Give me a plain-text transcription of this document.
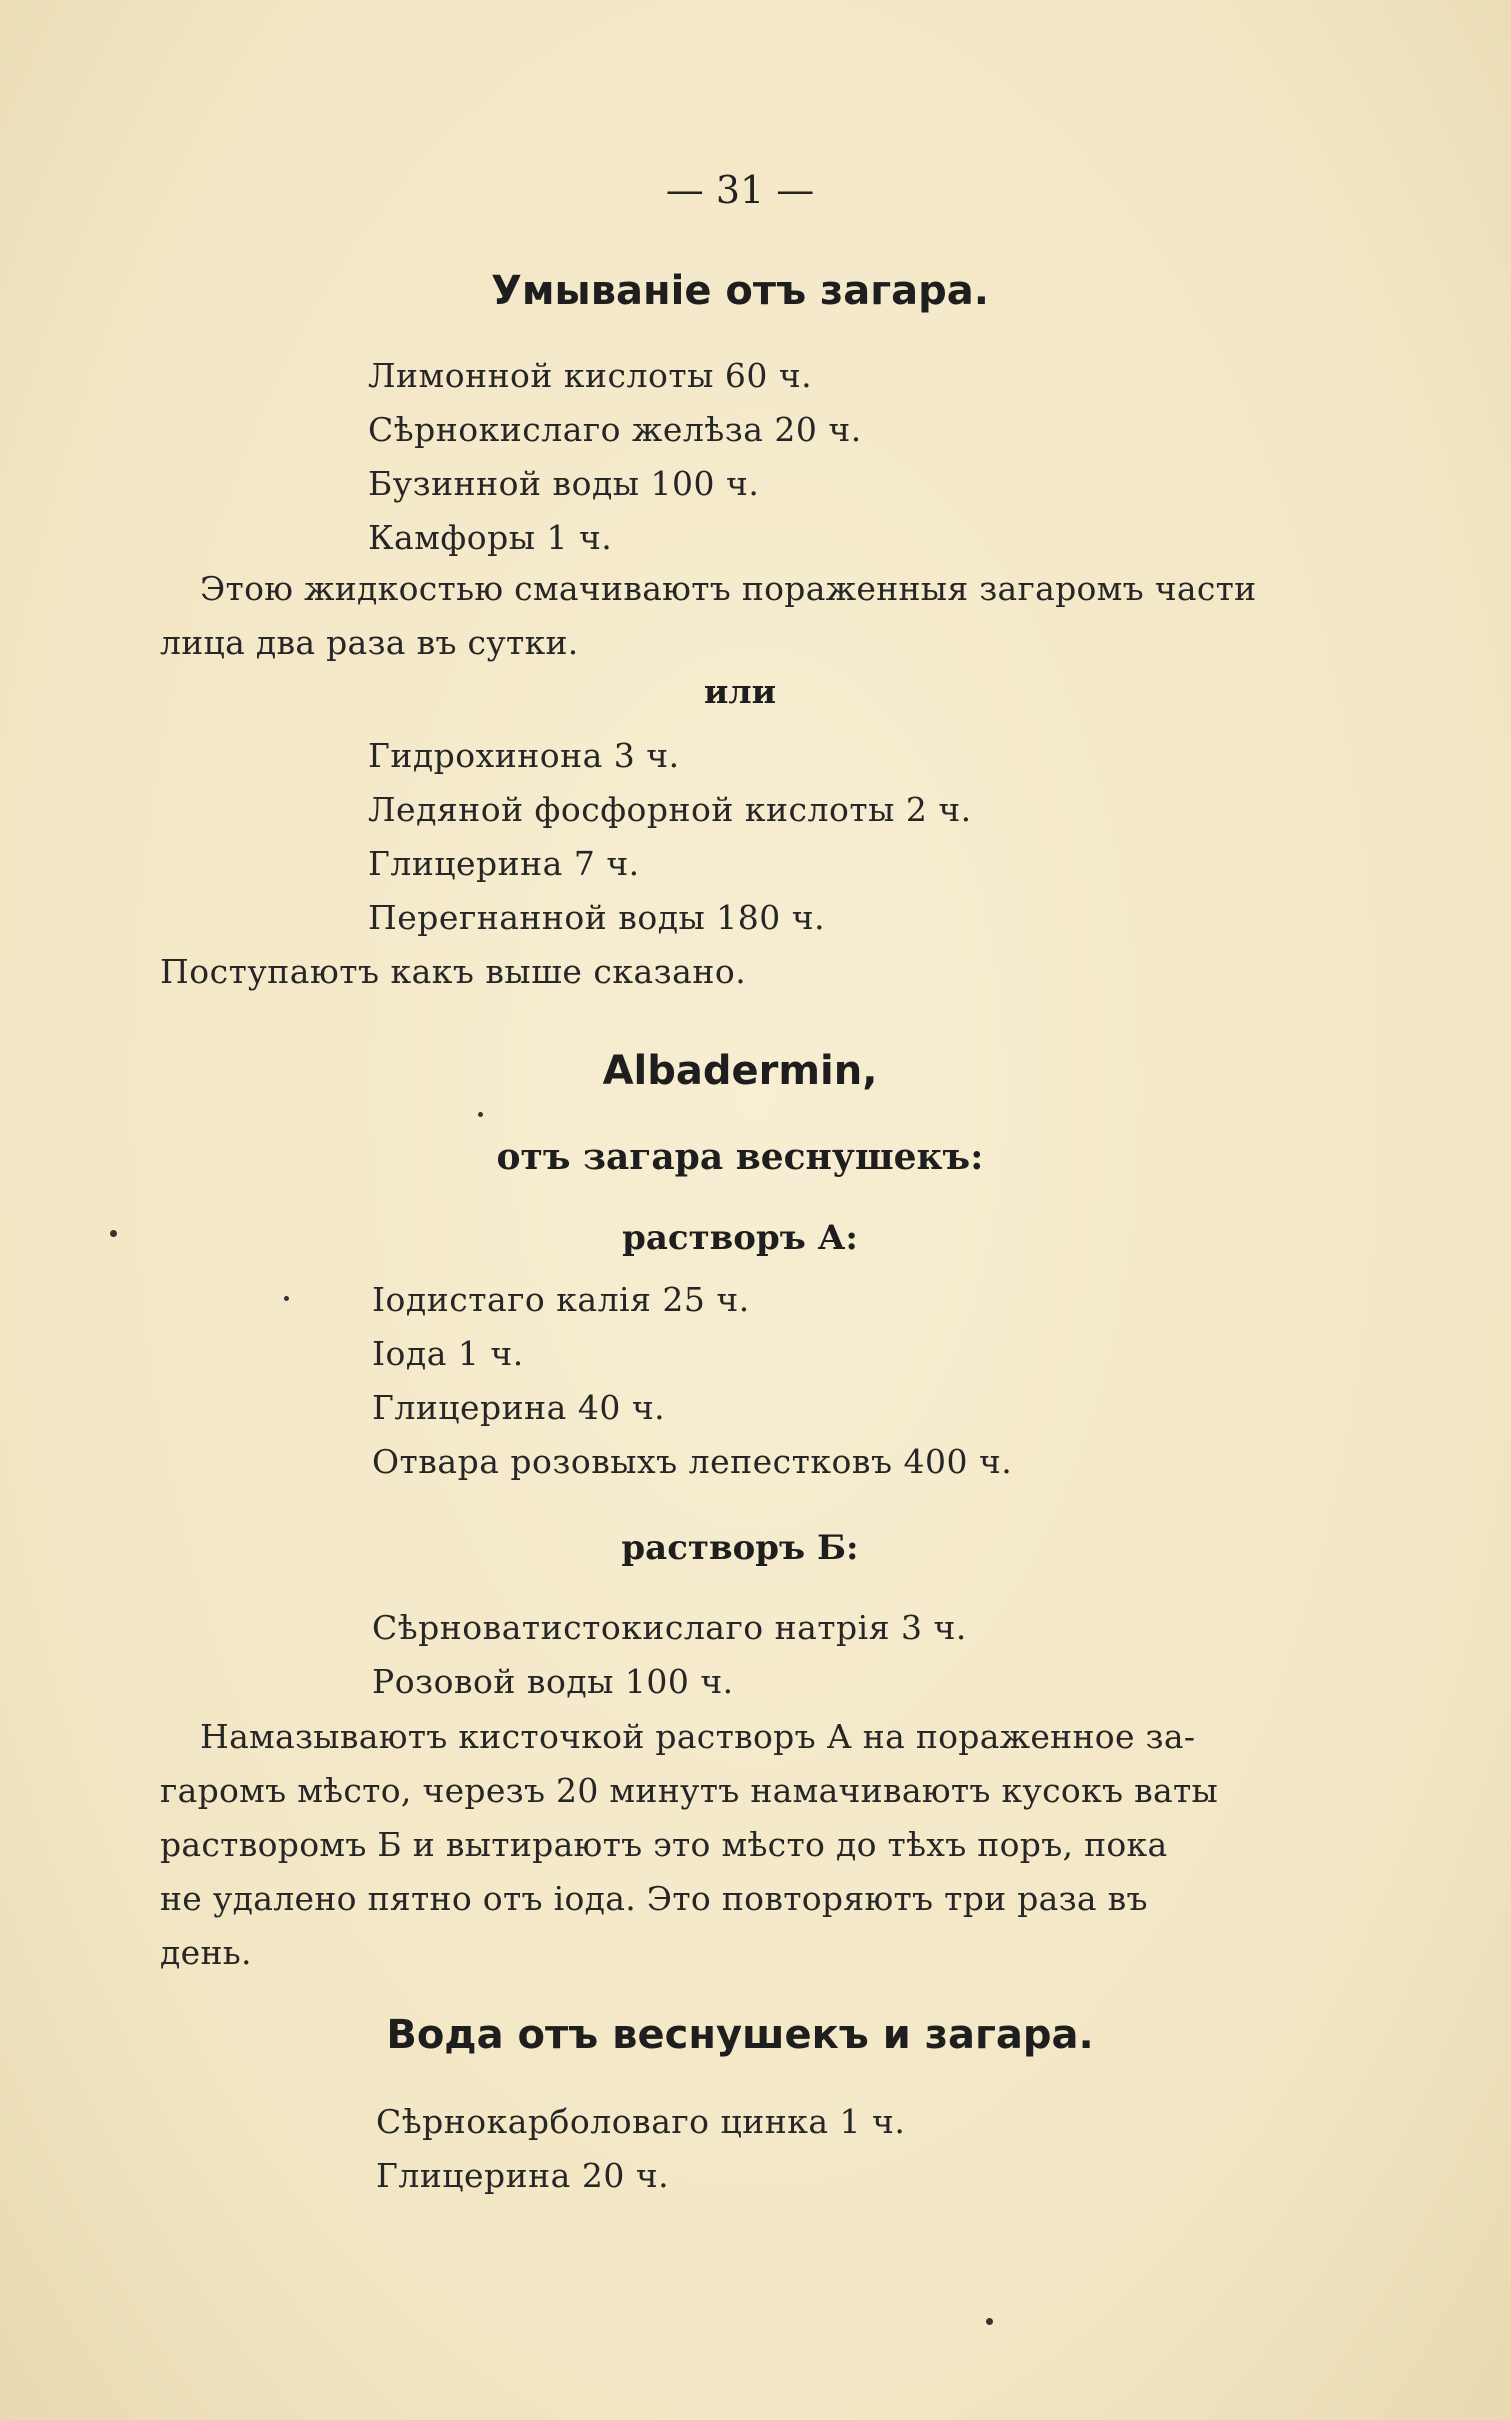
— 31 —
Умываніе отъ загара.
Лимонной кислоты 60 ч.
Сѣрнокислаго желѣза 20 ч.
Бузинной воды 100 ч.
Камфоры 1 ч.
Этою жидкостью смачиваютъ пораженныя загаромъ части
лица два раза въ сутки.
или
Гидрохинона 3 ч.
Ледяной фосфорной кислоты 2 ч.
Глицерина 7 ч.
Перегнанной воды 180 ч.
Поступаютъ какъ выше сказано.
Albadermin,
отъ загара веснушекъ:
растворъ А:
Іодистаго калія 25 ч.
Іода 1 ч.
Глицерина 40 ч.
Отвара розовыхъ лепестковъ 400 ч.
растворъ Б:
Сѣрноватистокислаго натрія 3 ч.
Розовой воды 100 ч.
Намазываютъ кисточкой растворъ А на пораженное за-
гаромъ мѣсто, черезъ 20 минутъ намачиваютъ кусокъ ваты
растворомъ Б и вытираютъ это мѣсто до тѣхъ поръ, пока
не удалено пятно отъ іода. Это повторяютъ три раза въ
день.
Вода отъ веснушекъ и загара.
Сѣрнокарболоваго цинка 1 ч.
Глицерина 20 ч.
